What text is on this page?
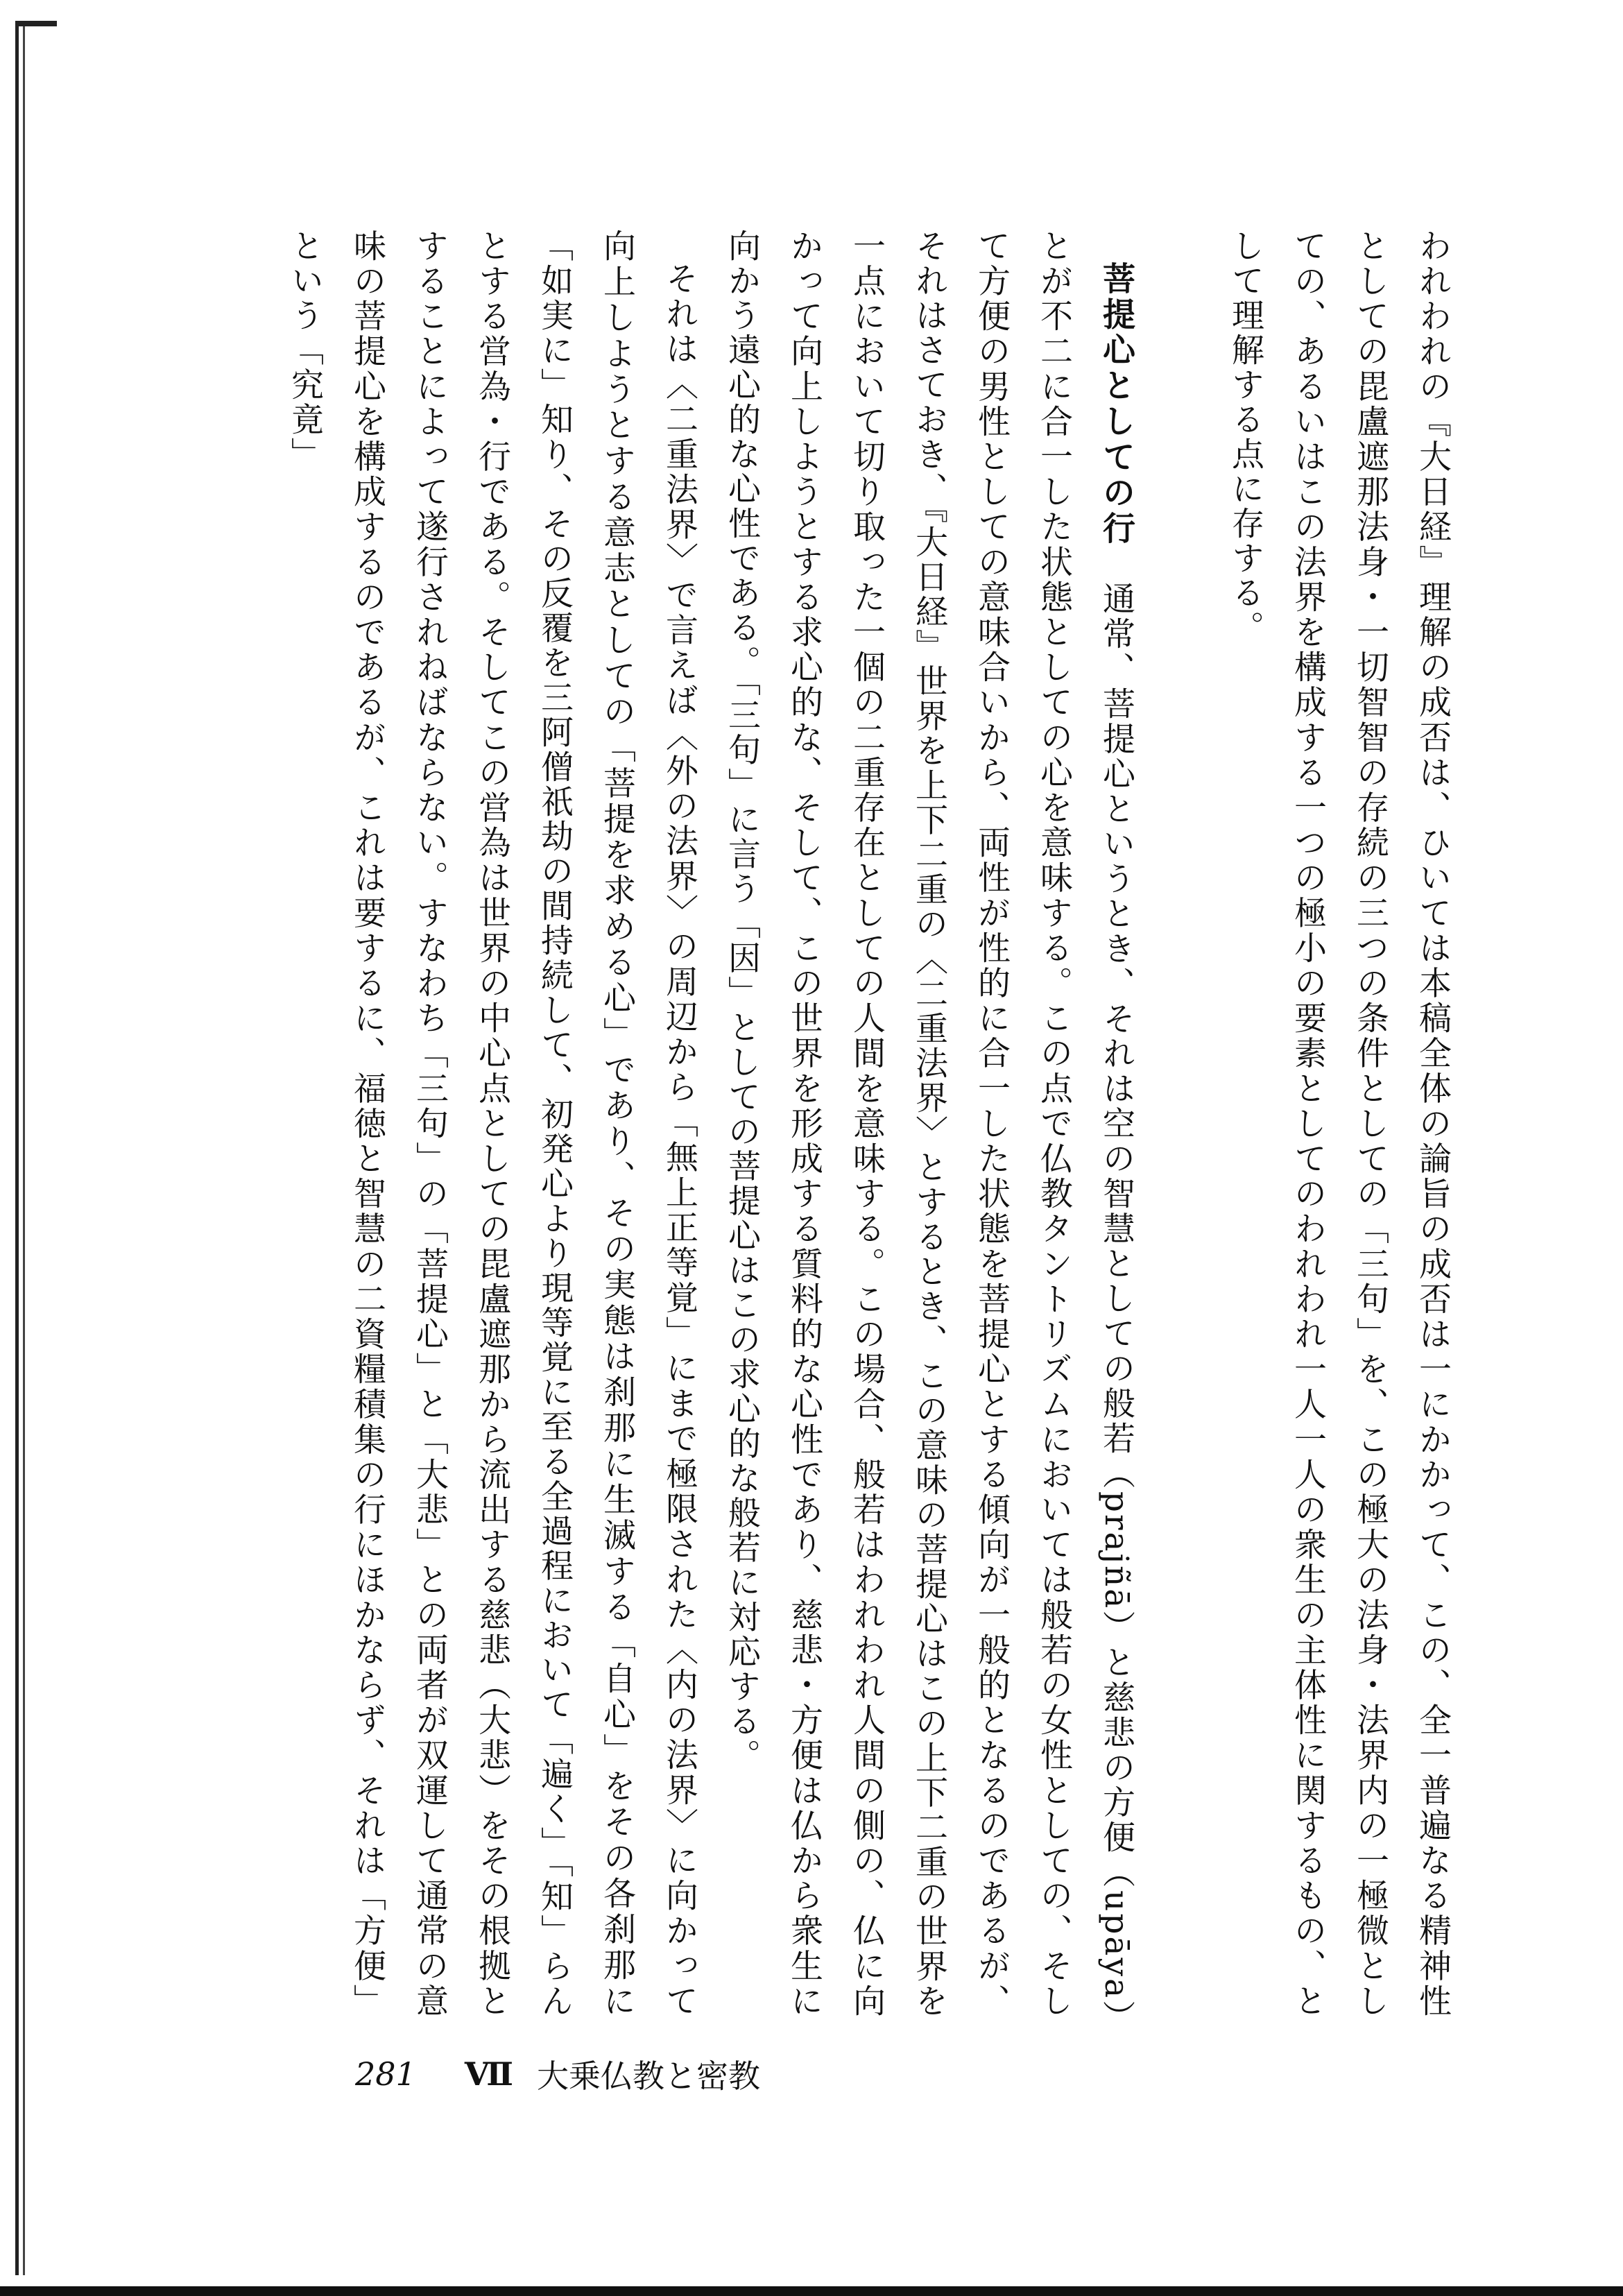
われわれの『大日経』理解の成否は、ひいては本稿全体の論旨の成否は一にかかって、この、全一普遍なる精神性としての毘盧遮那法身・一切智智の存続の三つの条件としての「三句」を、この極大の法身・法界内の一極微としての、あるいはこの法界を構成する一つの極小の要素としてのわれわれ一人一人の衆生の主体性に関するもの、として理解する点に存する。

菩提心としての行　通常、菩提心というとき、それは空の智慧としての般若（prajñā）と慈悲の方便（upāya）とが不二に合一した状態としての心を意味する。この点で仏教タントリズムにおいては般若の女性としての、そして方便の男性としての意味合いから、両性が性的に合一した状態を菩提心とする傾向が一般的となるのであるが、それはさておき、『大日経』世界を上下二重の〈二重法界〉とするとき、この意味の菩提心はこの上下二重の世界を一点において切り取った一個の二重存在としての人間を意味する。この場合、般若はわれわれ人間の側の、仏に向かって向上しようとする求心的な、そして、この世界を形成する質料的な心性であり、慈悲・方便は仏から衆生に向かう遠心的な心性である。「三句」に言う「因」としての菩提心はこの求心的な般若に対応する。

それは〈二重法界〉で言えば〈外の法界〉の周辺から「無上正等覚」にまで極限された〈内の法界〉に向かって向上しようとする意志としての「菩提を求める心」であり、その実態は刹那に生滅する「自心」をその各刹那に「如実に」知り、その反覆を三阿僧祇劫の間持続して、初発心より現等覚に至る全過程において「遍く」「知」らんとする営為・行である。そしてこの営為は世界の中心点としての毘盧遮那から流出する慈悲（大悲）をその根拠とすることによって遂行されねばならない。すなわち「三句」の「菩提心」と「大悲」との両者が双運して通常の意味の菩提心を構成するのであるが、これは要するに、福徳と智慧の二資糧積集の行にほかならず、それは「方便」という「究竟」

281 Ⅶ 大乗仏教と密教
